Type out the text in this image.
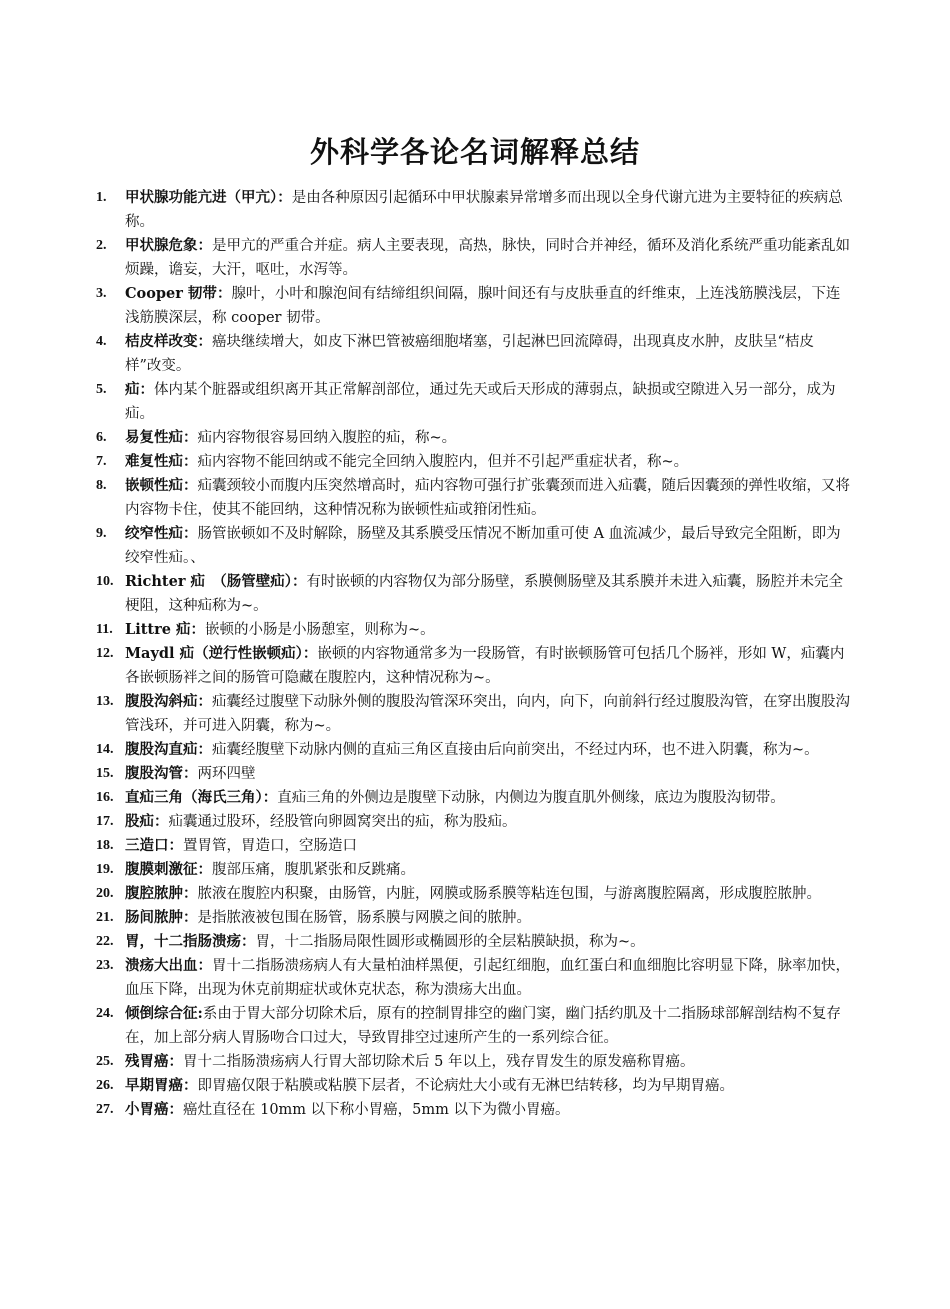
外科学各论名词解释总结
1. 甲状腺功能亢进（甲亢）：是由各种原因引起循环中甲状腺素异常增多而出现以全身代谢亢进为主要特征的疾病总称。
2. 甲状腺危象：是甲亢的严重合并症。病人主要表现，高热，脉快，同时合并神经，循环及消化系统严重功能紊乱如烦躁，谵妄，大汗，呕吐，水泻等。
3. Cooper 韧带：腺叶，小叶和腺泡间有结缔组织间隔，腺叶间还有与皮肤垂直的纤维束，上连浅筋膜浅层，下连浅筋膜深层，称 cooper 韧带。
4. 桔皮样改变：癌块继续增大，如皮下淋巴管被癌细胞堵塞，引起淋巴回流障碍，出现真皮水肿，皮肤呈“桔皮样”改变。
5. 疝：体内某个脏器或组织离开其正常解剖部位，通过先天或后天形成的薄弱点，缺损或空隙进入另一部分，成为疝。
6. 易复性疝：疝内容物很容易回纳入腹腔的疝，称~。
7. 难复性疝：疝内容物不能回纳或不能完全回纳入腹腔内，但并不引起严重症状者，称~。
8. 嵌顿性疝：疝囊颈较小而腹内压突然增高时，疝内容物可强行扩张囊颈而进入疝囊，随后因囊颈的弹性收缩，又将内容物卡住，使其不能回纳，这种情况称为嵌顿性疝或箝闭性疝。
9. 绞窄性疝：肠管嵌顿如不及时解除，肠壁及其系膜受压情况不断加重可使 A 血流减少，最后导致完全阻断，即为绞窄性疝。、
10. Richter 疝　（肠管壁疝）：有时嵌顿的内容物仅为部分肠壁，系膜侧肠壁及其系膜并未进入疝囊，肠腔并未完全梗阻，这种疝称为~。
11. Littre 疝：嵌顿的小肠是小肠憩室，则称为~。
12. Maydl 疝（逆行性嵌顿疝）：嵌顿的内容物通常多为一段肠管，有时嵌顿肠管可包括几个肠袢，形如 W，疝囊内各嵌顿肠袢之间的肠管可隐藏在腹腔内，这种情况称为~。
13. 腹股沟斜疝：疝囊经过腹壁下动脉外侧的腹股沟管深环突出，向内，向下，向前斜行经过腹股沟管，在穿出腹股沟管浅环，并可进入阴囊，称为~。
14. 腹股沟直疝：疝囊经腹壁下动脉内侧的直疝三角区直接由后向前突出，不经过内环，也不进入阴囊，称为~。
15. 腹股沟管：两环四壁
16. 直疝三角（海氏三角）：直疝三角的外侧边是腹壁下动脉，内侧边为腹直肌外侧缘，底边为腹股沟韧带。
17. 股疝：疝囊通过股环，经股管向卵圆窝突出的疝，称为股疝。
18. 三造口：置胃管，胃造口，空肠造口
19. 腹膜刺激征：腹部压痛，腹肌紧张和反跳痛。
20. 腹腔脓肿：脓液在腹腔内积聚，由肠管，内脏，网膜或肠系膜等粘连包围，与游离腹腔隔离，形成腹腔脓肿。
21. 肠间脓肿：是指脓液被包围在肠管，肠系膜与网膜之间的脓肿。
22. 胃，十二指肠溃疡：胃，十二指肠局限性圆形或椭圆形的全层粘膜缺损，称为~。
23. 溃疡大出血：胃十二指肠溃疡病人有大量柏油样黑便，引起红细胞，血红蛋白和血细胞比容明显下降，脉率加快，血压下降，出现为休克前期症状或休克状态，称为溃疡大出血。
24. 倾倒综合征:系由于胃大部分切除术后，原有的控制胃排空的幽门窦，幽门括约肌及十二指肠球部解剖结构不复存在，加上部分病人胃肠吻合口过大，导致胃排空过速所产生的一系列综合征。
25. 残胃癌：胃十二指肠溃疡病人行胃大部切除术后 5 年以上，残存胃发生的原发癌称胃癌。
26. 早期胃癌：即胃癌仅限于粘膜或粘膜下层者，不论病灶大小或有无淋巴结转移，均为早期胃癌。
27. 小胃癌：癌灶直径在 10mm 以下称小胃癌，5mm 以下为微小胃癌。
